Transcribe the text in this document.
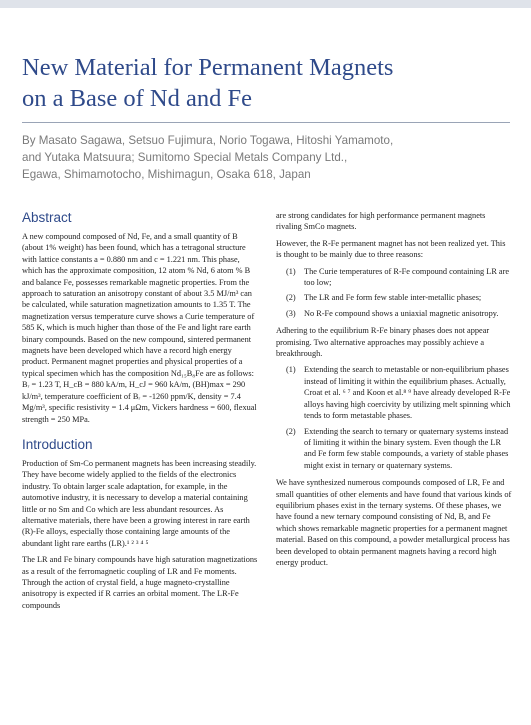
New Material for Permanent Magnets
on a Base of Nd and Fe
By Masato Sagawa, Setsuo Fujimura, Norio Togawa, Hitoshi Yamamoto,
and Yutaka Matsuura; Sumitomo Special Metals Company Ltd.,
Egawa, Shimamotocho, Mishimagun, Osaka 618, Japan
Abstract

A new compound composed of Nd, Fe, and a small quantity of B (about 1% weight) has been found, which has a tetragonal structure with lattice constants a = 0.880 nm and c = 1.221 nm. This phase, which has the approximate composition, 12 atom % Nd, 6 atom % B and balance Fe, possesses remarkable magnetic properties. From the approach to saturation an anisotropy constant of about 3.5 MJ/m³ can be calculated, while saturation magnetization amounts to 1.35 T. The magnetization versus temperature curve shows a Curie temperature of 585 K, which is much higher than those of the Fe and light rare earth binary compounds. Based on the new compound, sintered permanent magnets have been developed which have a record high energy product. Permanent magnet properties and physical properties of a typical specimen which has the composition Nd₁₅B₈Fe are as follows: Bᵣ = 1.23 T, H_cB = 880 kA/m, H_cJ = 960 kA/m, (BH)max = 290 kJ/m³, temperature coefficient of Bᵣ = -1260 ppm/K, density = 7.4 Mg/m³, specific resistivity = 1.4 μΩm, Vickers hardness = 600, flexual strength = 250 MPa.

Introduction

Production of Sm-Co permanent magnets has been increasing steadily. They have become widely applied to the fields of the electronics industry. To obtain larger scale adaptation, for example, in the automotive industry, it is necessary to develop a material containing little or no Sm and Co which are less abundant resources. As alternative materials, there have been a growing interest in rare earth (R)-Fe alloys, especially those containing large amounts of the abundant light rare earths (LR).¹ ² ³ ⁴ ⁵

The LR and Fe binary compounds have high saturation magnetizations as a result of the ferromagnetic coupling of LR and Fe moments. Through the action of crystal field, a huge magneto-crystalline anisotropy is expected if R carries an orbital moment. The LR-Fe compounds

are strong candidates for high performance permanent magnets rivaling SmCo magnets.

However, the R-Fe permanent magnet has not been realized yet. This is thought to be mainly due to three reasons:

(1)	The Curie temperatures of R-Fe compound containing LR are too low;
(2)	The LR and Fe form few stable inter-metallic phases;
(3)	No R-Fe compound shows a uniaxial magnetic anisotropy.

Adhering to the equilibrium R-Fe binary phases does not appear promising. Two alternative approaches may possibly achieve a breakthrough.

(1)	Extending the search to metastable or non-equilibrium phases instead of limiting it within the equilibrium phases. Actually, Croat et al. ⁶ ⁷ and Koon et al.⁸ ⁹ have already developed R-Fe alloys having high coercivity by utilizing melt spinning which tends to form metastable phases.
(2)	Extending the search to ternary or quaternary systems instead of limiting it within the binary system. Even though the LR and Fe form few stable compounds, a variety of stable phases might exist in ternary or quaternary systems.

We have synthesized numerous compounds composed of LR, Fe and small quantities of other elements and have found that various kinds of equilibrium phases exist in the ternary systems. Of these phases, we have found a new ternary compound consisting of Nd, B, and Fe which shows remarkable magnetic properties for a permanent magnet material. Based on this compound, a powder metallurgical process has been developed to obtain permanent magnets having a record high energy product.
